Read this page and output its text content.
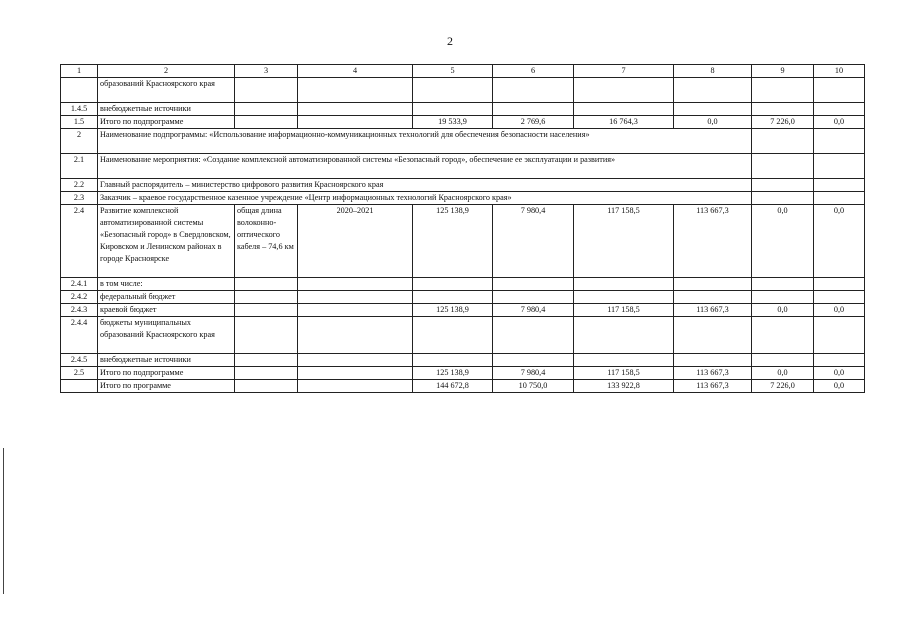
2
1	2	3	4	5	6	7	8	9	10
	образований Красноярского края								
1.4.5	внебюджетные источники								
1.5	Итого по подпрограмме			19 533,9	2 769,6	16 764,3	0,0	7 226,0	0,0
2	Наименование подпрограммы: «Использование информационно-коммуникационных технологий для обеспечения безопасности населения»								
2.1	Наименование мероприятия: «Создание комплексной автоматизированной системы «Безопасный город», обеспечение ее эксплуатации и развития»								
2.2	Главный распорядитель – министерство цифрового развития Красноярского края								
2.3	Заказчик – краевое государственное казенное учреждение «Центр информационных технологий Красноярского края»								
2.4	Развитие комплексной автоматизированной системы «Безопасный город» в Свердловском, Кировском и Ленинском районах в городе Красноярске	общая длина волоконно-оптического кабеля – 74,6 км	2020–2021	125 138,9	7 980,4	117 158,5	113 667,3	0,0	0,0
2.4.1	в том числе:								
2.4.2	федеральный бюджет								
2.4.3	краевой бюджет			125 138,9	7 980,4	117 158,5	113 667,3	0,0	0,0
2.4.4	бюджеты муниципальных образований Красноярского края								
2.4.5	внебюджетные источники								
2.5	Итого по подпрограмме			125 138,9	7 980,4	117 158,5	113 667,3	0,0	0,0
	Итого по программе			144 672,8	10 750,0	133 922,8	113 667,3	7 226,0	0,0
